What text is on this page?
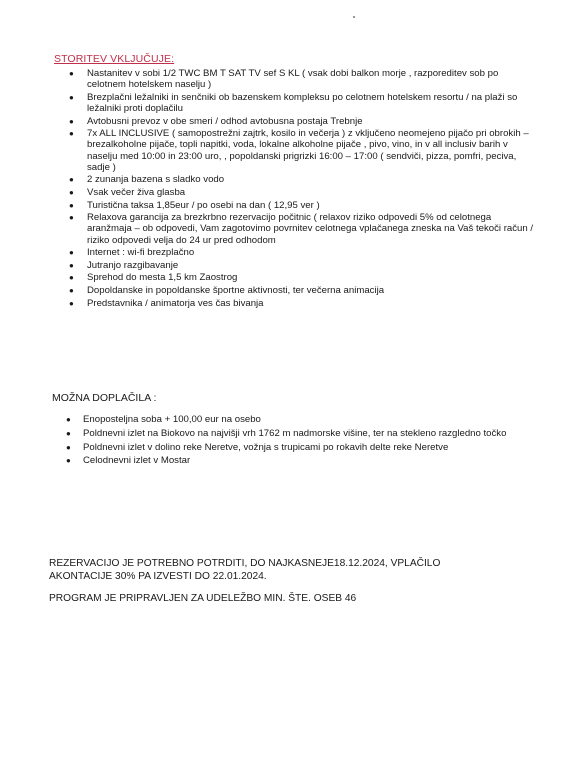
STORITEV VKLJUČUJE:
● Nastanitev v sobi 1/2 TWC BM T SAT TV sef S KL ( vsak dobi balkon morje , razporeditev sob po celotnem hotelskem naselju )
● Brezplačni ležalniki in senčniki ob bazenskem kompleksu po celotnem hotelskem resortu / na plaži so ležalniki proti doplačilu
● Avtobusni prevoz v obe smeri / odhod avtobusna postaja Trebnje
● 7x ALL INCLUSIVE ( samopostrežni zajtrk, kosilo in večerja ) z vključeno neomejeno pijačo pri obrokih – brezalkoholne pijače, topli napitki, voda, lokalne alkoholne pijače , pivo, vino, in v all inclusiv barih v naselju med 10:00 in 23:00 uro, , popoldanski prigrizki 16:00 – 17:00 ( sendviči, pizza, pomfri, peciva, sadje )
● 2 zunanja bazena s sladko vodo
● Vsak večer živa glasba
● Turistična taksa 1,85eur / po osebi na dan ( 12,95 ver )
● Relaxova garancija za brezkrbno rezervacijo počitnic ( relaxov riziko odpovedi 5% od celotnega aranžmaja – ob odpovedi, Vam zagotovimo povrnitev celotnega vplačanega zneska na Vaš tekoči račun / riziko odpovedi velja do 24 ur pred odhodom
● Internet : wi-fi brezplačno
● Jutranjo razgibavanje
● Sprehod do mesta 1,5 km Zaostrog
● Dopoldanske in popoldanske športne aktivnosti, ter večerna animacija
● Predstavnika / animatorja ves čas bivanja
MOŽNA DOPLAČILA :
● Enoposteljna soba + 100,00 eur na osebo
● Poldnevni izlet na Biokovo na najvišji vrh 1762 m nadmorske višine, ter na stekleno razgledno točko
● Poldnevni izlet v dolino reke Neretve, vožnja s trupicami po rokavih delte reke Neretve
● Celodnevni izlet v Mostar
REZERVACIJO JE POTREBNO POTRDITI, DO NAJKASNEJE18.12.2024, VPLAČILO AKONTACIJE 30% PA IZVESTI DO 22.01.2024.
PROGRAM JE PRIPRAVLJEN ZA UDELEŽBO MIN. ŠTE. OSEB 46
